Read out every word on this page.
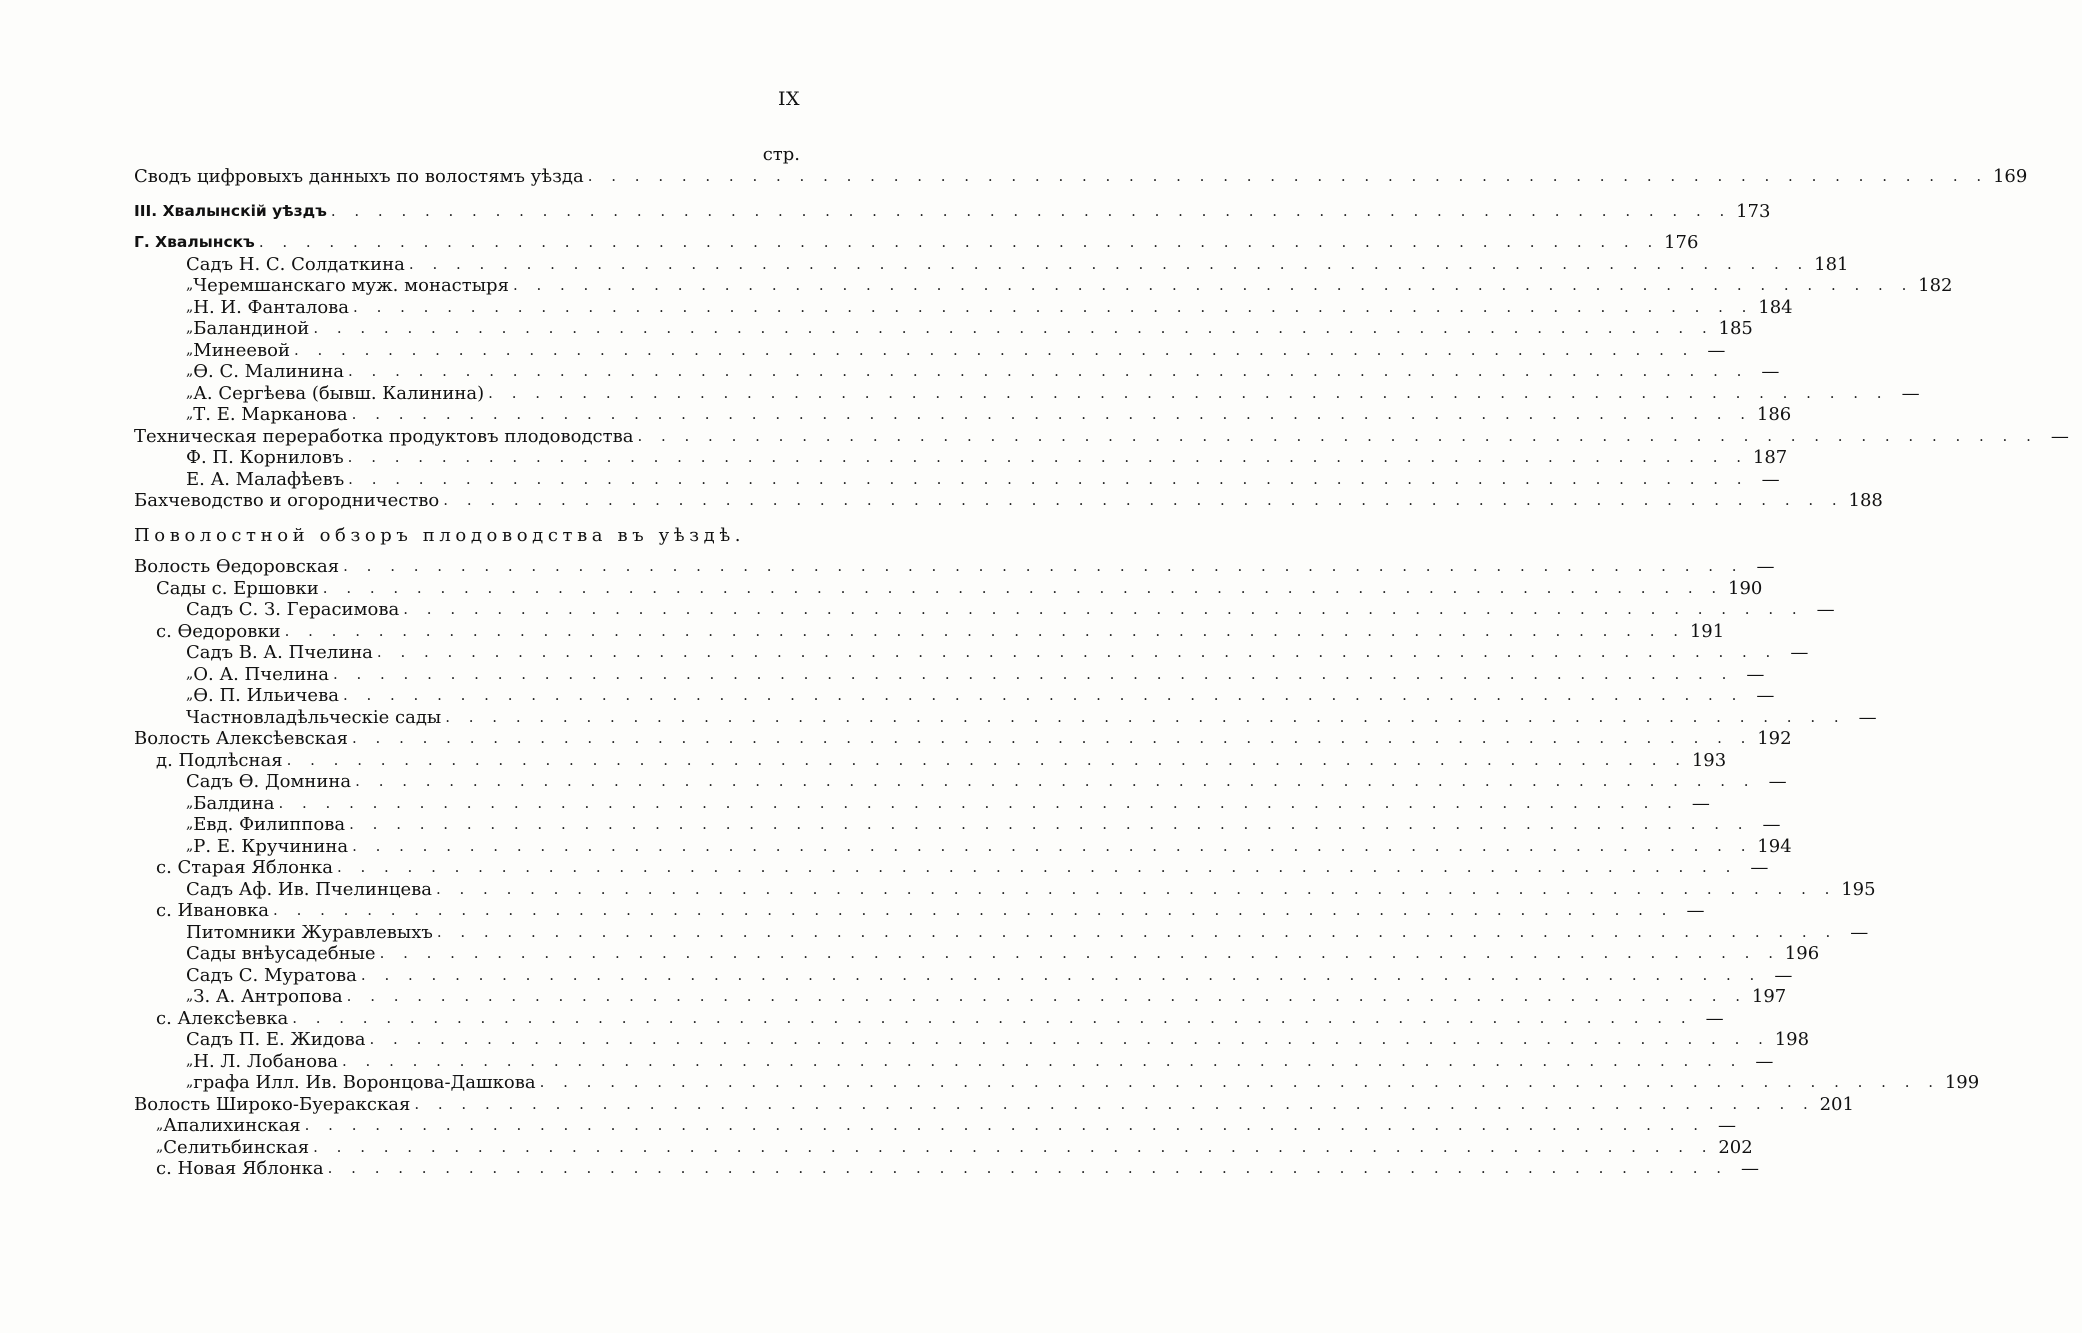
IX
стр.
Сводъ цифровыхъ данныхъ по волостямъ уѣзда . . . . . . . . . . . . . . . . . . . . . . . . . . . . . . . . . . . . . . . . . . . . . . . . . . . . . . . . . . . . 169
III. Хвалынскій уѣздъ . . . . . . . . . . . . . . . . . . . . . . . . . . . . . . . . . . . . . . . . . . . . . . . . . . . . . . . . . . . . 173
Г. Хвалынскъ . . . . . . . . . . . . . . . . . . . . . . . . . . . . . . . . . . . . . . . . . . . . . . . . . . . . . . . . . . . . 176
Садъ Н. С. Солдаткина . . . . . . . . . . . . . . . . . . . . . . . . . . . . . . . . . . . . . . . . . . . . . . . . . . . . . . . . . . . . 181
„ Черемшанскаго муж. монастыря . . . . . . . . . . . . . . . . . . . . . . . . . . . . . . . . . . . . . . . . . . . . . . . . . . . . . . . . . . . . 182
„ Н. И. Фанталова . . . . . . . . . . . . . . . . . . . . . . . . . . . . . . . . . . . . . . . . . . . . . . . . . . . . . . . . . . . . 184
„ Баландиной . . . . . . . . . . . . . . . . . . . . . . . . . . . . . . . . . . . . . . . . . . . . . . . . . . . . . . . . . . . . 185
„ Минеевой . . . . . . . . . . . . . . . . . . . . . . . . . . . . . . . . . . . . . . . . . . . . . . . . . . . . . . . . . . . . —
„ Ѳ. С. Малинина . . . . . . . . . . . . . . . . . . . . . . . . . . . . . . . . . . . . . . . . . . . . . . . . . . . . . . . . . . . . —
„ А. Сергѣева (бывш. Калинина) . . . . . . . . . . . . . . . . . . . . . . . . . . . . . . . . . . . . . . . . . . . . . . . . . . . . . . . . . . . . —
„ Т. Е. Марканова . . . . . . . . . . . . . . . . . . . . . . . . . . . . . . . . . . . . . . . . . . . . . . . . . . . . . . . . . . . . 186
Техническая переработка продуктовъ плодоводства . . . . . . . . . . . . . . . . . . . . . . . . . . . . . . . . . . . . . . . . . . . . . . . . . . . . . . . . . . . . —
Ф. П. Корниловъ . . . . . . . . . . . . . . . . . . . . . . . . . . . . . . . . . . . . . . . . . . . . . . . . . . . . . . . . . . . . 187
Е. А. Малафѣевъ . . . . . . . . . . . . . . . . . . . . . . . . . . . . . . . . . . . . . . . . . . . . . . . . . . . . . . . . . . . . —
Бахчеводство и огородничество . . . . . . . . . . . . . . . . . . . . . . . . . . . . . . . . . . . . . . . . . . . . . . . . . . . . . . . . . . . . 188
Поволостной обзоръ плодоводства въ уѣздѣ.
Волость Ѳедоровская . . . . . . . . . . . . . . . . . . . . . . . . . . . . . . . . . . . . . . . . . . . . . . . . . . . . . . . . . . . . —
Сады с. Ершовки . . . . . . . . . . . . . . . . . . . . . . . . . . . . . . . . . . . . . . . . . . . . . . . . . . . . . . . . . . . . 190
Садъ С. З. Герасимова . . . . . . . . . . . . . . . . . . . . . . . . . . . . . . . . . . . . . . . . . . . . . . . . . . . . . . . . . . . . —
с. Ѳедоровки . . . . . . . . . . . . . . . . . . . . . . . . . . . . . . . . . . . . . . . . . . . . . . . . . . . . . . . . . . . . 191
Садъ В. А. Пчелина . . . . . . . . . . . . . . . . . . . . . . . . . . . . . . . . . . . . . . . . . . . . . . . . . . . . . . . . . . . . —
„ О. А. Пчелина . . . . . . . . . . . . . . . . . . . . . . . . . . . . . . . . . . . . . . . . . . . . . . . . . . . . . . . . . . . . —
„ Ѳ. П. Ильичева . . . . . . . . . . . . . . . . . . . . . . . . . . . . . . . . . . . . . . . . . . . . . . . . . . . . . . . . . . . . —
Частновладѣльческіе сады . . . . . . . . . . . . . . . . . . . . . . . . . . . . . . . . . . . . . . . . . . . . . . . . . . . . . . . . . . . . —
Волость Алексѣевская . . . . . . . . . . . . . . . . . . . . . . . . . . . . . . . . . . . . . . . . . . . . . . . . . . . . . . . . . . . . 192
д. Подлѣсная . . . . . . . . . . . . . . . . . . . . . . . . . . . . . . . . . . . . . . . . . . . . . . . . . . . . . . . . . . . . 193
Садъ Ѳ. Домнина . . . . . . . . . . . . . . . . . . . . . . . . . . . . . . . . . . . . . . . . . . . . . . . . . . . . . . . . . . . . —
„ Балдина . . . . . . . . . . . . . . . . . . . . . . . . . . . . . . . . . . . . . . . . . . . . . . . . . . . . . . . . . . . . —
„ Евд. Филиппова . . . . . . . . . . . . . . . . . . . . . . . . . . . . . . . . . . . . . . . . . . . . . . . . . . . . . . . . . . . . —
„ Р. Е. Кручинина . . . . . . . . . . . . . . . . . . . . . . . . . . . . . . . . . . . . . . . . . . . . . . . . . . . . . . . . . . . . 194
с. Старая Яблонка . . . . . . . . . . . . . . . . . . . . . . . . . . . . . . . . . . . . . . . . . . . . . . . . . . . . . . . . . . . . —
Садъ Аф. Ив. Пчелинцева . . . . . . . . . . . . . . . . . . . . . . . . . . . . . . . . . . . . . . . . . . . . . . . . . . . . . . . . . . . . 195
с. Ивановка . . . . . . . . . . . . . . . . . . . . . . . . . . . . . . . . . . . . . . . . . . . . . . . . . . . . . . . . . . . . —
Питомники Журавлевыхъ . . . . . . . . . . . . . . . . . . . . . . . . . . . . . . . . . . . . . . . . . . . . . . . . . . . . . . . . . . . . —
Сады внѣусадебные . . . . . . . . . . . . . . . . . . . . . . . . . . . . . . . . . . . . . . . . . . . . . . . . . . . . . . . . . . . . 196
Садъ С. Муратова . . . . . . . . . . . . . . . . . . . . . . . . . . . . . . . . . . . . . . . . . . . . . . . . . . . . . . . . . . . . —
„ З. А. Антропова . . . . . . . . . . . . . . . . . . . . . . . . . . . . . . . . . . . . . . . . . . . . . . . . . . . . . . . . . . . . 197
с. Алексѣевка . . . . . . . . . . . . . . . . . . . . . . . . . . . . . . . . . . . . . . . . . . . . . . . . . . . . . . . . . . . . —
Садъ П. Е. Жидова . . . . . . . . . . . . . . . . . . . . . . . . . . . . . . . . . . . . . . . . . . . . . . . . . . . . . . . . . . . . 198
„ Н. Л. Лобанова . . . . . . . . . . . . . . . . . . . . . . . . . . . . . . . . . . . . . . . . . . . . . . . . . . . . . . . . . . . . —
„ графа Илл. Ив. Воронцова-Дашкова . . . . . . . . . . . . . . . . . . . . . . . . . . . . . . . . . . . . . . . . . . . . . . . . . . . . . . . . . . . . 199
Волость Широко-Буеракская . . . . . . . . . . . . . . . . . . . . . . . . . . . . . . . . . . . . . . . . . . . . . . . . . . . . . . . . . . . . 201
„ Апалихинская . . . . . . . . . . . . . . . . . . . . . . . . . . . . . . . . . . . . . . . . . . . . . . . . . . . . . . . . . . . . —
„ Селитьбинская . . . . . . . . . . . . . . . . . . . . . . . . . . . . . . . . . . . . . . . . . . . . . . . . . . . . . . . . . . . . 202
с. Новая Яблонка . . . . . . . . . . . . . . . . . . . . . . . . . . . . . . . . . . . . . . . . . . . . . . . . . . . . . . . . . . . . —
